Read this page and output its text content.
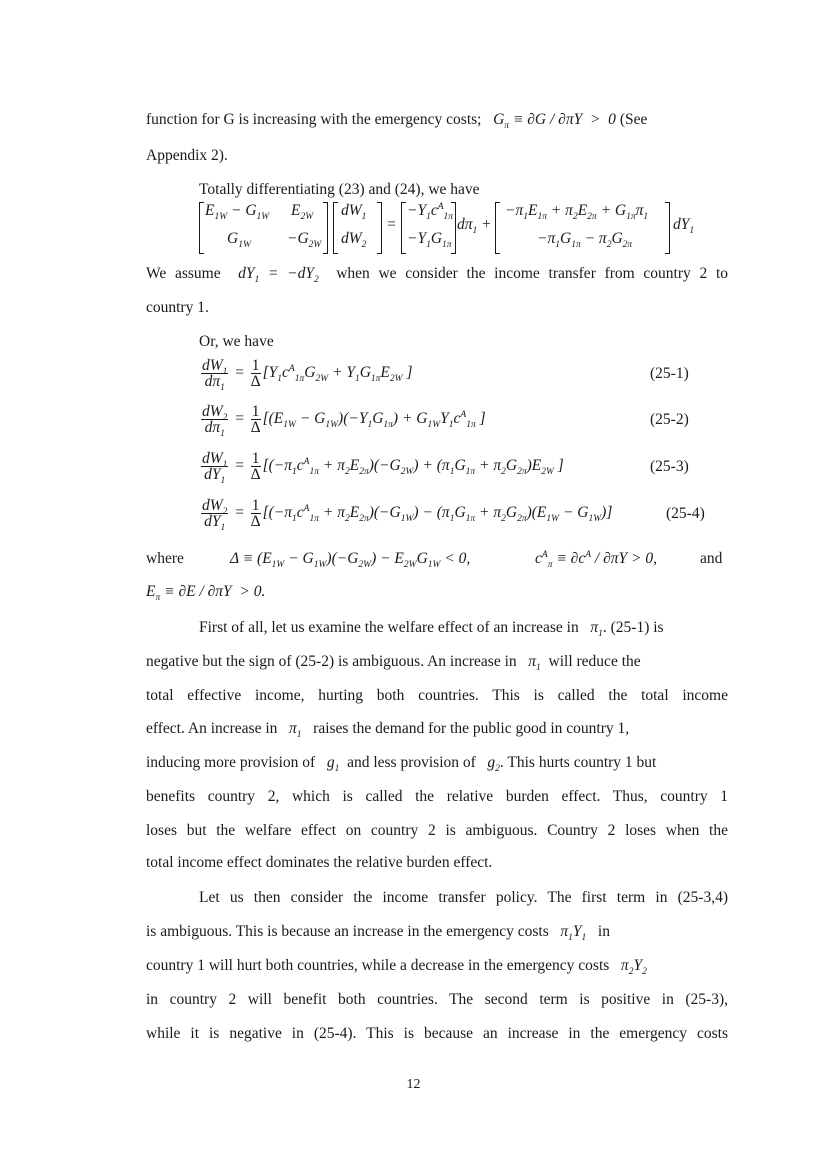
function for G is increasing with the emergency costs;   $G_\pi \equiv \partial G / \partial\pi Y > 0$ (See
Appendix 2).
Totally differentiating (23) and (24), we have
$E_{1W} - G_{1W}$ $E_{2W}$
$G_{1W} -G_{2W}$
$dW_1$
$dW_2$
=
$-Y_1c^A_{1\pi}$
$-Y_1G_{1\pi}$
$d\pi_1$ +
$-\pi_1E_{1\pi} + \pi_2E_{2\pi} + G_{1\pi}\pi_1$
$-\pi_1G_{1\pi} - \pi_2G_{2\pi}$
$dY_1$
We assume  $dY_1 = -dY_2$ when we consider the income transfer from country 2 to
country 1.
Or, we have
$\frac{dW_1}{d\pi_1} = \frac{1}{\Delta} [Y_1c^A_{1\pi}G_{2W} + Y_1G_{1\pi}E_{2W}$ ]	(25-1)
$\frac{dW_2}{d\pi_1} = \frac{1}{\Delta} [(E_{1W} - G_{1W})(-Y_1G_{1\pi}) + G_{1W}Y_1c^A_{1\pi}$ ]	(25-2)
$\frac{dW_1}{dY_1} = \frac{1}{\Delta} [(-\pi_1c^A_{1\pi} + \pi_2E_{2\pi})(-G_{2W}) + (\pi_1G_{1\pi} + \pi_2G_{2\pi})E_{2W}$ ]	(25-3)
$\frac{dW_2}{dY_1} = \frac{1}{\Delta} [(-\pi_1c^A_{1\pi} + \pi_2E_{2\pi})(-G_{1W}) - (\pi_1G_{1\pi} + \pi_2G_{2\pi})(E_{1W} - G_{1W})]$	(25-4)
where	$\Delta \equiv (E_{1W} - G_{1W})(-G_{2W}) - E_{2W}G_{1W} < 0$,	$c^A_\pi \equiv \partial c^A / \partial\pi Y > 0$,	and
$E_\pi \equiv \partial E / \partial\pi Y > 0$.
First of all, let us examine the welfare effect of an increase in   $\pi_1$. (25-1) is
negative but the sign of (25-2) is ambiguous. An increase in   $\pi_1$ will reduce the
total effective income, hurting both countries. This is called the total income
effect. An increase in   $\pi_1$ raises the demand for the public good in country 1,
inducing more provision of   $g_1$ and less provision of   $g_2$. This hurts country 1 but
benefits country 2, which is called the relative burden effect. Thus, country 1
loses but the welfare effect on country 2 is ambiguous. Country 2 loses when the
total income effect dominates the relative burden effect.
Let us then consider the income transfer policy. The first term in (25-3,4)
is ambiguous. This is because an increase in the emergency costs   $\pi_1Y_1$ in
country 1 will hurt both countries, while a decrease in the emergency costs   $\pi_2Y_2$
in country 2 will benefit both countries. The second term is positive in (25-3),
while it is negative in (25-4). This is because an increase in the emergency costs
12
